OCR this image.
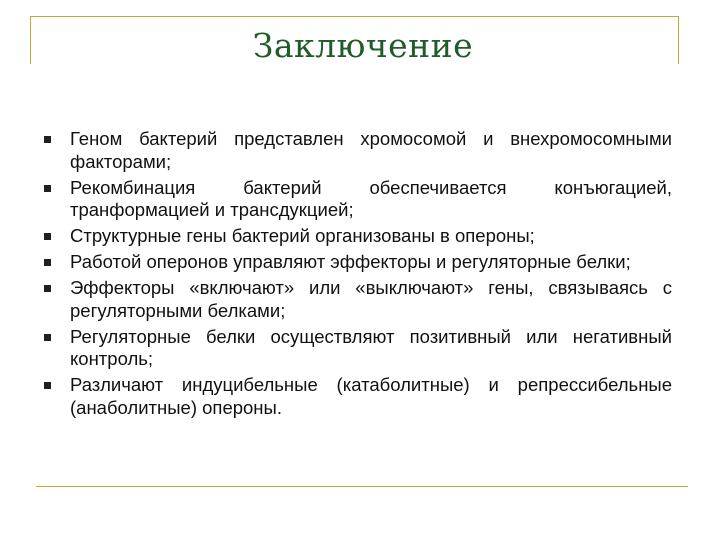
Заключение
Геном бактерий представлен хромосомой и внехромосомными факторами;
Рекомбинация бактерий обеспечивается конъюгацией, транформацией и трансдукцией;
Структурные гены бактерий организованы в опероны;
Работой оперонов управляют эффекторы и регуляторные белки;
Эффекторы «включают» или «выключают» гены, связываясь с регуляторными белками;
Регуляторные белки осуществляют позитивный или негативный контроль;
Различают индуцибельные (катаболитные) и репрессибельные (анаболитные) опероны.
